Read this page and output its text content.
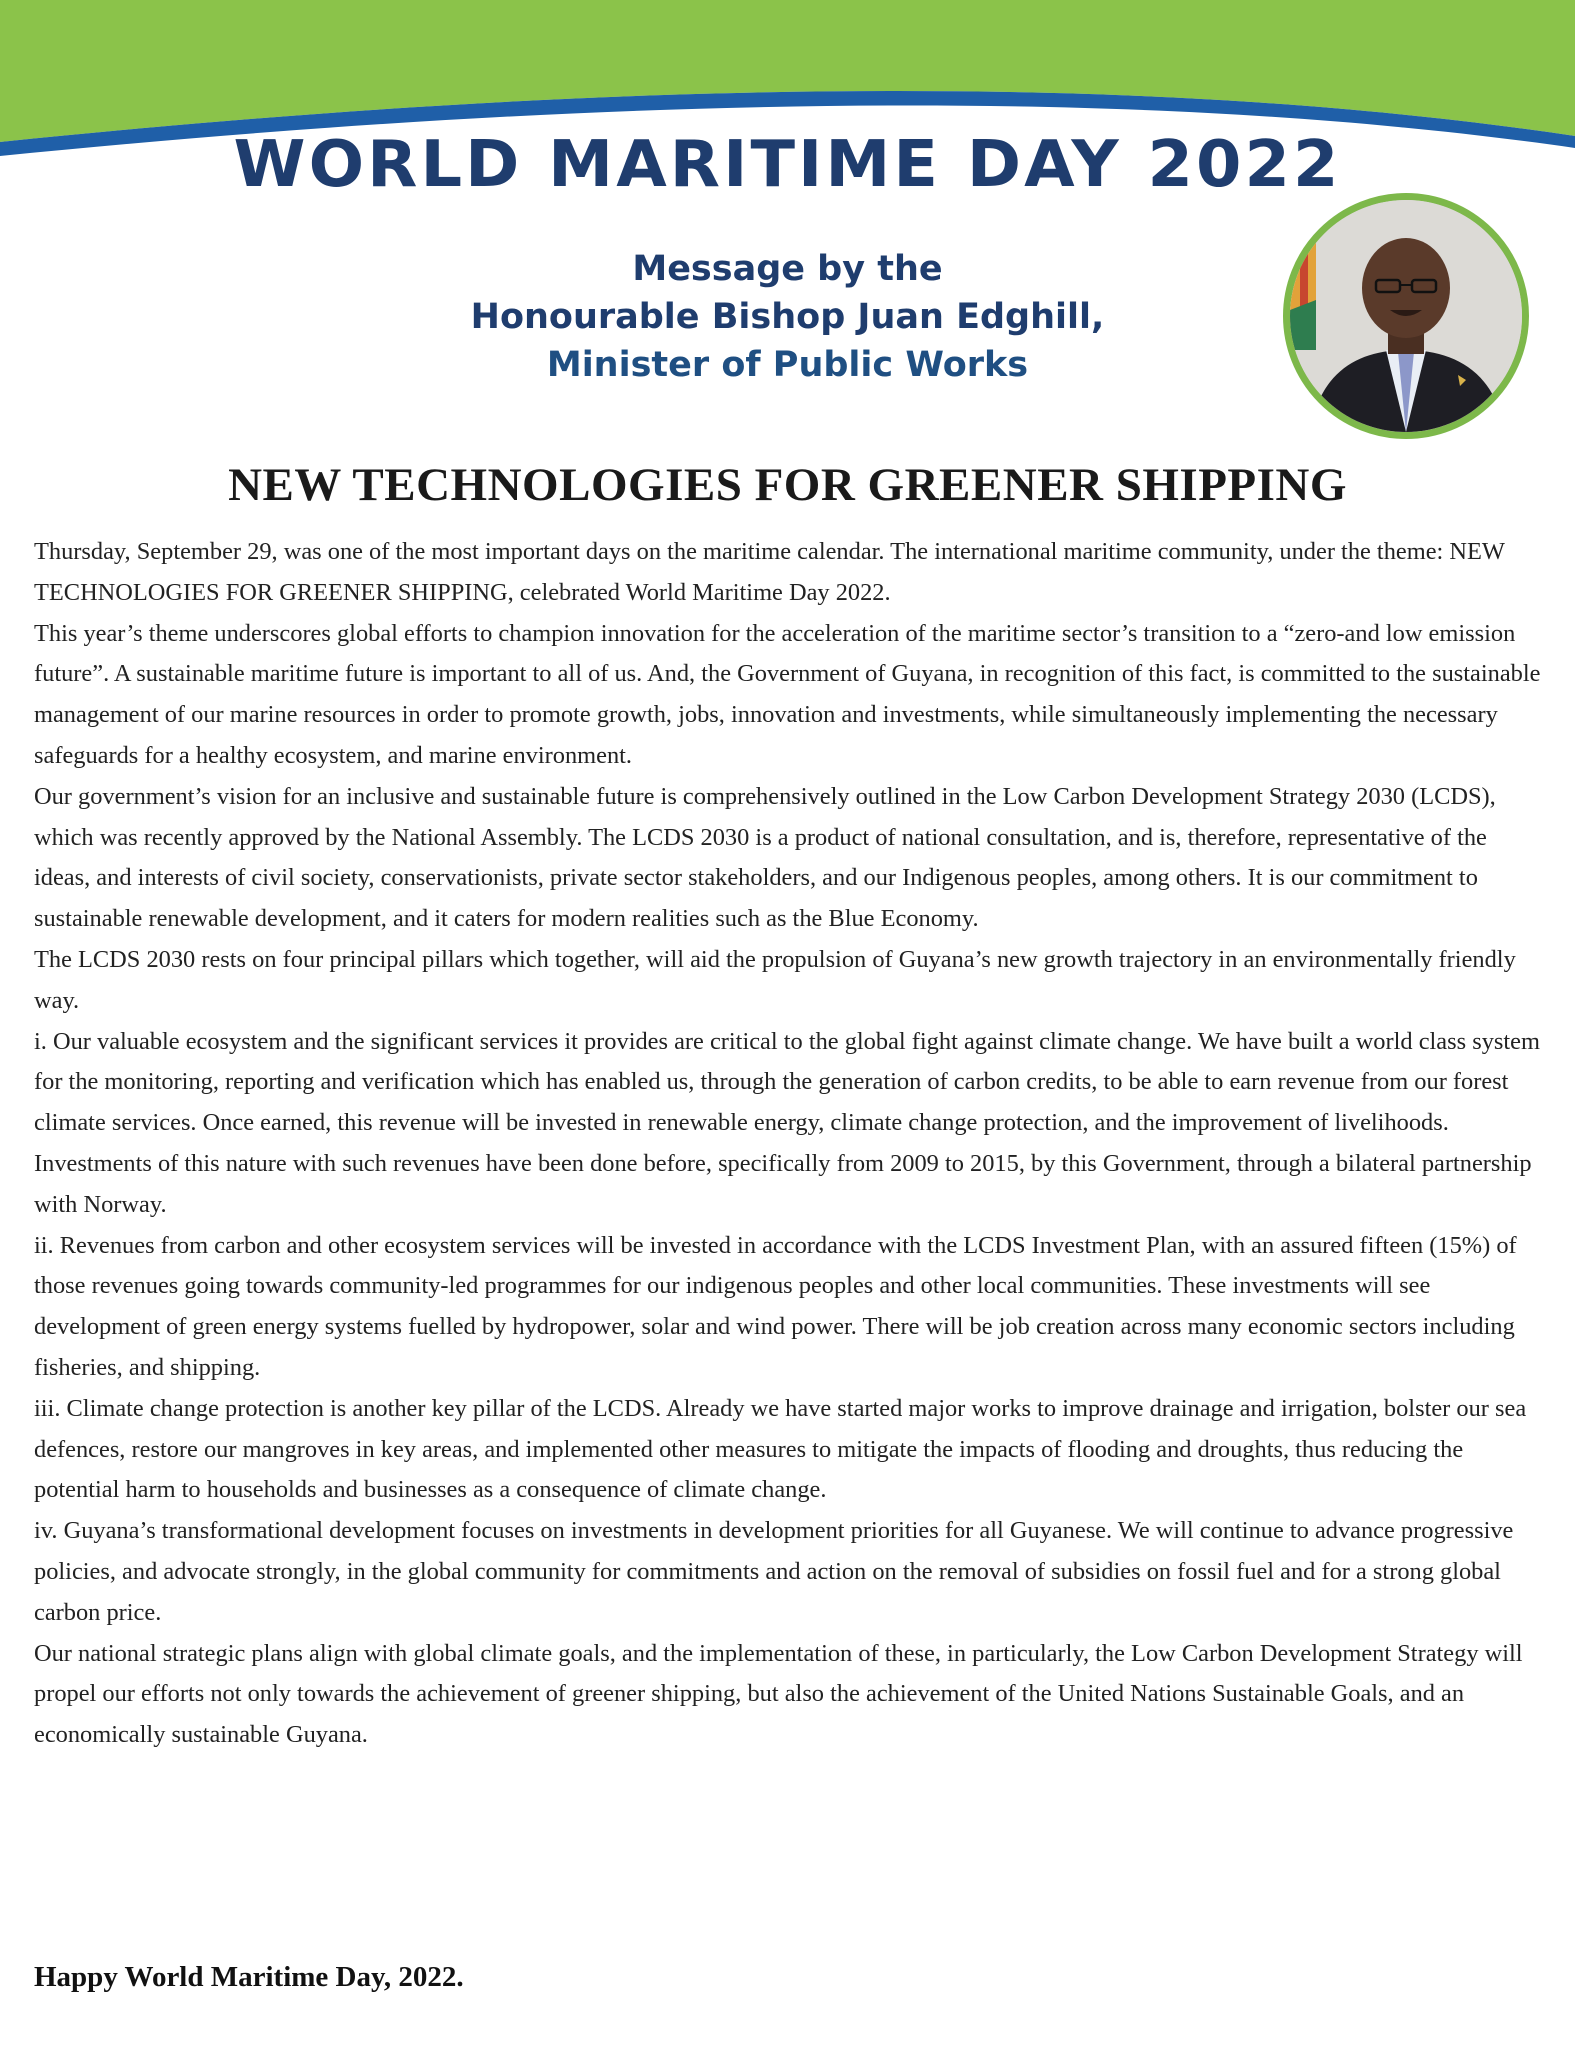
WORLD MARITIME DAY 2022
Message by the
Honourable Bishop Juan Edghill,
Minister of Public Works
NEW TECHNOLOGIES FOR GREENER SHIPPING

Thursday, September 29, was one of the most important days on the maritime calendar. The international maritime community, under the theme: NEW TECHNOLOGIES FOR GREENER SHIPPING, celebrated World Maritime Day 2022.

This year’s theme underscores global efforts to champion innovation for the acceleration of the maritime sector’s transition to a “zero-and low emission future”. A sustainable maritime future is important to all of us. And, the Government of Guyana, in recognition of this fact, is committed to the sustainable management of our marine resources in order to promote growth, jobs, innovation and investments, while simultaneously implementing the necessary safeguards for a healthy ecosystem, and marine environment.

Our government’s vision for an inclusive and sustainable future is comprehensively outlined in the Low Carbon Development Strategy 2030 (LCDS), which was recently approved by the National Assembly. The LCDS 2030 is a product of national consultation, and is, therefore, representative of the ideas, and interests of civil society, conservationists, private sector stakeholders, and our Indigenous peoples, among others. It is our commitment to sustainable renewable development, and it caters for modern realities such as the Blue Economy.

The LCDS 2030 rests on four principal pillars which together, will aid the propulsion of Guyana’s new growth trajectory in an environmentally friendly way.

i. Our valuable ecosystem and the significant services it provides are critical to the global fight against climate change. We have built a world class system for the monitoring, reporting and verification which has enabled us, through the generation of carbon credits, to be able to earn revenue from our forest climate services. Once earned, this revenue will be invested in renewable energy, climate change protection, and the improvement of livelihoods. Investments of this nature with such revenues have been done before, specifically from 2009 to 2015, by this Government, through a bilateral partnership with Norway.

ii. Revenues from carbon and other ecosystem services will be invested in accordance with the LCDS Investment Plan, with an assured fifteen (15%) of those revenues going towards community-led programmes for our indigenous peoples and other local communities. These investments will see development of green energy systems fuelled by hydropower, solar and wind power. There will be job creation across many economic sectors including fisheries, and shipping.

iii. Climate change protection is another key pillar of the LCDS. Already we have started major works to improve drainage and irrigation, bolster our sea defences, restore our mangroves in key areas, and implemented other measures to mitigate the impacts of flooding and droughts, thus reducing the potential harm to households and businesses as a consequence of climate change.

iv. Guyana’s transformational development focuses on investments in development priorities for all Guyanese. We will continue to advance progressive policies, and advocate strongly, in the global community for commitments and action on the removal of subsidies on fossil fuel and for a strong global carbon price.

Our national strategic plans align with global climate goals, and the implementation of these, in particularly, the Low Carbon Development Strategy will propel our efforts not only towards the achievement of greener shipping, but also the achievement of the United Nations Sustainable Goals, and an economically sustainable Guyana.

Happy World Maritime Day, 2022.
